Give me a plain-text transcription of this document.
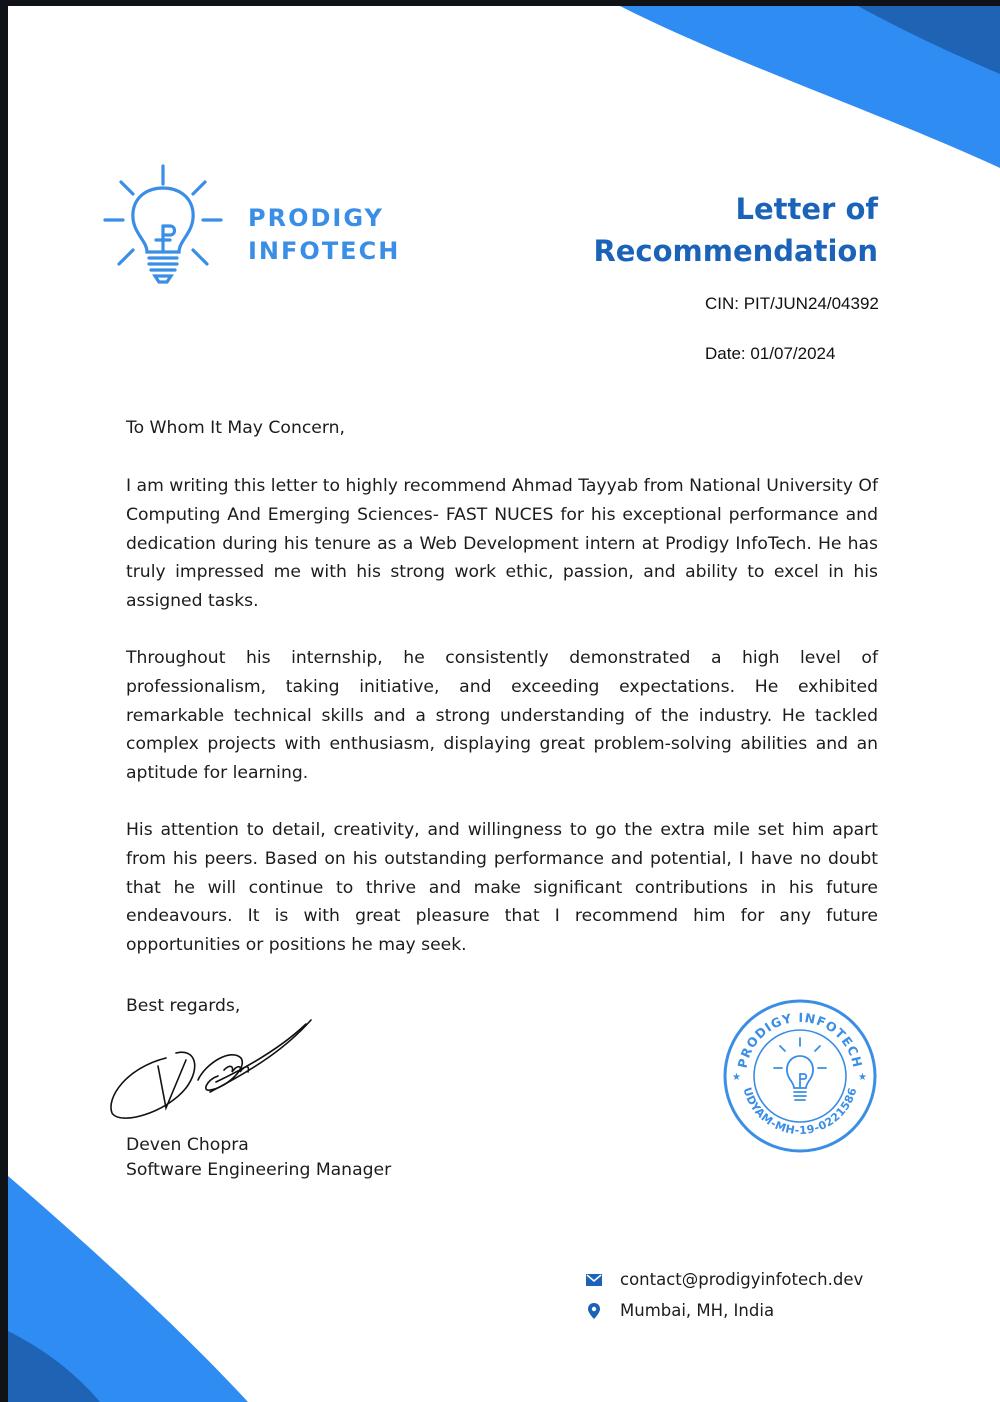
PRODIGY
INFOTECH
Letter of
Recommendation
CIN: PIT/JUN24/04392
Date: 01/07/2024
To Whom It May Concern,
I am writing this letter to highly recommend Ahmad Tayyab from National University Of Computing And Emerging Sciences- FAST NUCES for his exceptional performance and dedication during his tenure as a Web Development intern at Prodigy InfoTech. He has truly impressed me with his strong work ethic, passion, and ability to excel in his assigned tasks.
Throughout his internship, he consistently demonstrated a high level of professionalism, taking initiative, and exceeding expectations. He exhibited remarkable technical skills and a strong understanding of the industry. He tackled complex projects with enthusiasm, displaying great problem-solving abilities and an aptitude for learning.
His attention to detail, creativity, and willingness to go the extra mile set him apart from his peers. Based on his outstanding performance and potential, I have no doubt that he will continue to thrive and make significant contributions in his future endeavours. It is with great pleasure that I recommend him for any future opportunities or positions he may seek.
Best regards,
Deven Chopra
Software Engineering Manager
PRODIGY INFOTECH
UDYAM-MH-19-0221586
★	★
contact@prodigyinfotech.dev
Mumbai, MH, India
